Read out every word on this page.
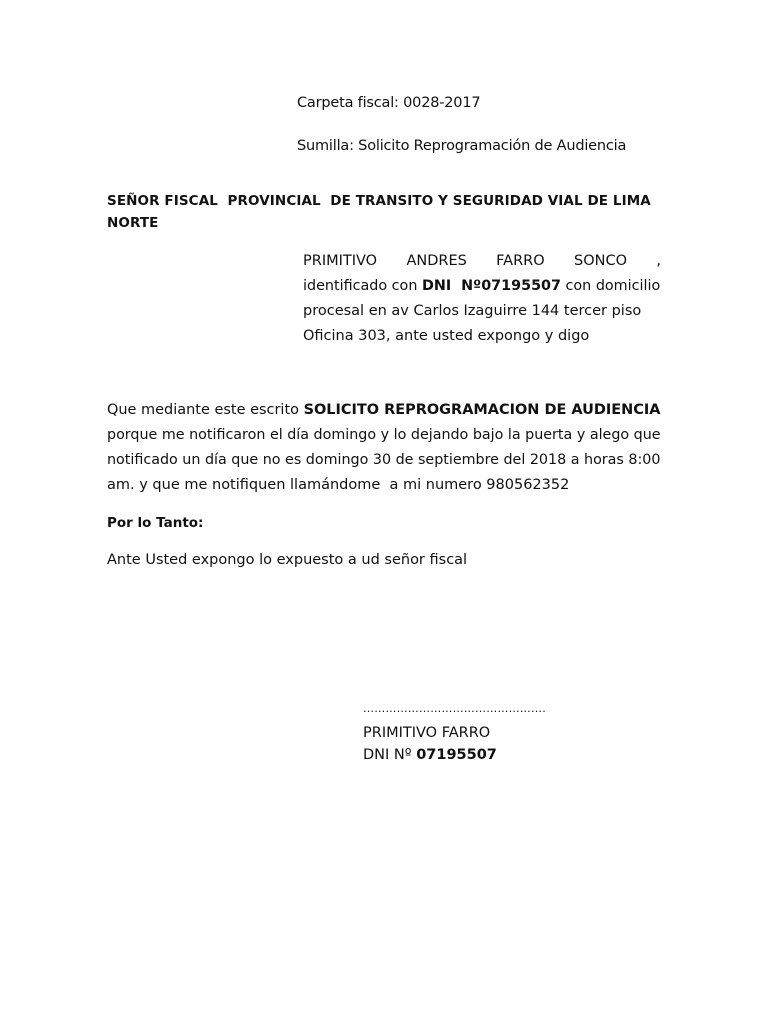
Carpeta fiscal: 0028-2017
Sumilla: Solicito Reprogramación de Audiencia
SEÑOR FISCAL  PROVINCIAL  DE TRANSITO Y SEGURIDAD VIAL DE LIMA
NORTE
PRIMITIVO ANDRES FARRO SONCO ,
identificado con DNI  Nº07195507 con domicilio
procesal en av Carlos Izaguirre 144 tercer piso
Oficina 303, ante usted expongo y digo
Que mediante este escrito SOLICITO REPROGRAMACION DE AUDIENCIA
porque me notificaron el día domingo y lo dejando bajo la puerta y alego que
notificado un día que no es domingo 30 de septiembre del 2018 a horas 8:00
am. y que me notifiquen llamándome  a mi numero 980562352
Por lo Tanto:
Ante Usted expongo lo expuesto a ud señor fiscal
………………………………………….
PRIMITIVO FARRO
DNI Nº 07195507
